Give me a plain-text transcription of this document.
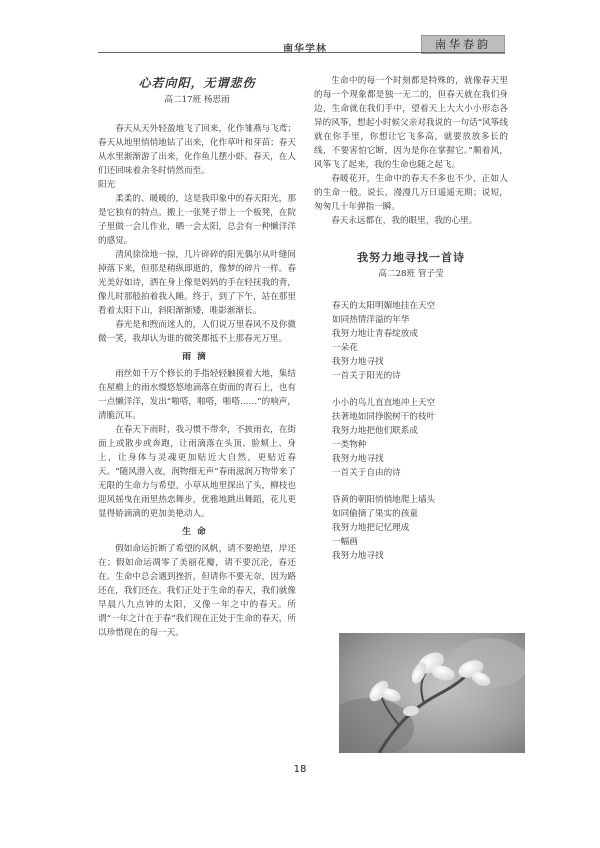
南华学林	南华春韵
心若向阳，无谓悲伤
高二17班 杨思雨

春天从天外轻盈地飞了回来，化作雏燕与飞鸢；春天从地里悄悄地钻了出来，化作草叶和芽苗；春天从水里渐渐游了出来，化作鱼儿摆小虾。春天，在人们还回味着余冬时悄然而至。

阳光

柔柔的、暖暖的，这是我印象中的春天阳光，那是它独有的特点。搬上一张凳子带上一个板凳，在院子里做一会儿作业，晒一会太阳，总会有一种懒洋洋的感觉。

清风徐徐地一掠，几片碎碎的阳光偶尔从叶缝间掉落下来，但那是稍纵即逝的，像梦的碎片一样。春光美好如诗，洒在身上像是妈妈的手在轻抚我的背，像儿时那般拍着我入睡。终于，到了下午，站在那里看着太阳下山，斜阳渐渐矮，唯影渐渐长。

春光是和煦而迷人的，人们说万里春风不及你微微一笑，我却认为谁的微笑都抵不上那春光万里。

雨滴

雨丝如千万个修长的手指轻轻触摸着大地，集结在屋檐上的雨水慢悠悠地滴落在街面的青石上，也有一点懒洋洋，发出“啪嗒，啪嗒，啪嗒……”的响声，清脆沉耳。

在春天下雨时，我习惯不带伞，不披雨衣，在街面上或散步或奔跑，让雨滴落在头顶、脸颊上、身上，让身体与灵魂更加贴近大自然，更贴近春天。“随风潜入夜，润物细无声”春雨滋润万物带来了无限的生命力与希望。小草从地里探出了头，柳枝也迎风摇曳在雨里热恋舞步，优雅地跳出舞蹈，花儿更显得娇滴滴的更加美艳动人。

生命

假如命运折断了希望的风帆，请不要绝望，岸还在；假如命运凋零了美丽花瓣，请不要沉沦，春还在。生命中总会遇到挫折，但请你不要无奈，因为路还在，我们还在。我们正处于生命的春天，我们就像早晨八九点钟的太阳，又像一年之中的春天。所谓“一年之计在于春”我们现在正处于生命的春天，所以珍惜现在的每一天。

生命中的每一个时刻都是特殊的，就像春天里的每一个现象都是独一无二的，但春天就在我们身边，生命就在我们手中，望着天上大大小小形态各异的风筝，想起小时候父亲对我说的一句话“风筝线就在你手里，你想让它飞多高，就要放放多长的线，不要害怕它断，因为是你在掌握它。”顺着风，风筝飞了起来，我的生命也随之起飞。

春暖花开，生命中的春天不多也不少，正如人的生命一般。说长，漫漫几万日遥遥无期；说短，匆匆几十年弹指一瞬。

春天永远都在，我的眼里，我的心里。

我努力地寻找一首诗
高二28班 管子莹
春天的太阳明媚地挂在天空
如同热情洋溢的年华
我努力地让青春绽放成
一朵花
我努力地寻找
一首关于阳光的诗
小小的鸟儿直直地冲上天空
扶著地如同挣脱树干的枝叶
我努力地把他们联系成
一类物种
我努力地寻找
一首关于自由的诗
昏黄的朝阳悄悄地爬上墙头
如同偷摘了果实的孩童
我努力地把记忆理成
一幅画
我努力地寻找
18
